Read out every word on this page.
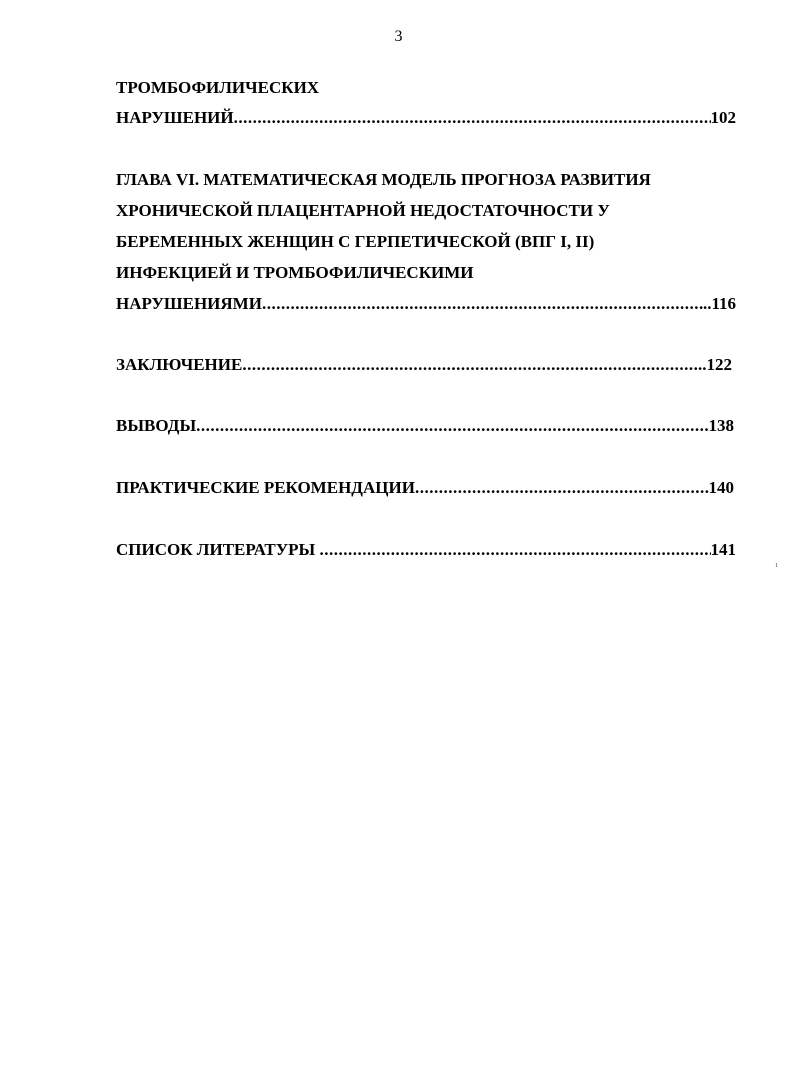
3
ТРОМБОФИЛИЧЕСКИХ
НАРУШЕНИЙ .....	102
ГЛАВА VI. МАТЕМАТИЧЕСКАЯ МОДЕЛЬ ПРОГНОЗА РАЗВИТИЯ
ХРОНИЧЕСКОЙ ПЛАЦЕНТАРНОЙ НЕДОСТАТОЧНОСТИ У
БЕРЕМЕННЫХ ЖЕНЩИН С ГЕРПЕТИЧЕСКОЙ (ВПГ I, II)
ИНФЕКЦИЕЙ И ТРОМБОФИЛИЧЕСКИМИ
НАРУШЕНИЯМИ .....	..116
ЗАКЛЮЧЕНИЕ .....	..122
ВЫВОДЫ .....	138
ПРАКТИЧЕСКИЕ РЕКОМЕНДАЦИИ .....	140
СПИСОК ЛИТЕРАТУРЫ .....	141
1
